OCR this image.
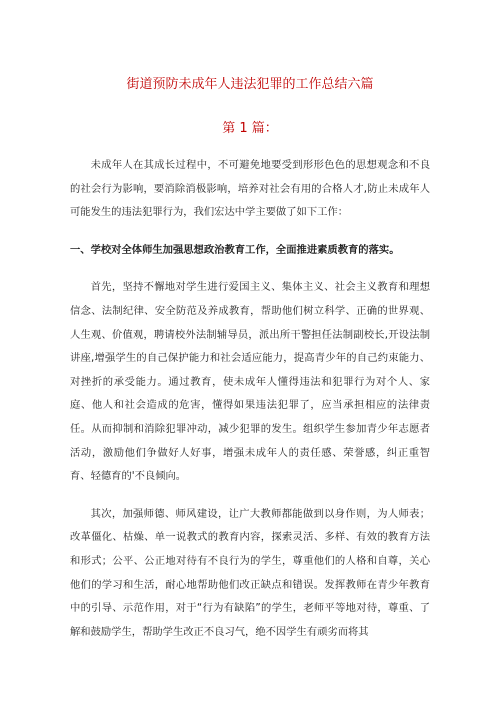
街道预防未成年人违法犯罪的工作总结六篇
第 1 篇：

未成年人在其成长过程中，不可避免地要受到形形色色的思想观念和不良的社会行为影响，要消除消极影响，培养对社会有用的合格人才,防止未成年人可能发生的违法犯罪行为，我们宏达中学主要做了如下工作：

一、学校对全体师生加强思想政治教育工作，全面推进素质教育的落实。

首先，坚持不懈地对学生进行爱国主义、集体主义、社会主义教育和理想信念、法制纪律、安全防范及养成教育，帮助他们树立科学、正确的世界观、人生观、价值观，聘请校外法制辅导员，派出所干警担任法制副校长,开设法制讲座,增强学生的自己保护能力和社会适应能力，提高青少年的自己约束能力、对挫折的承受能力。通过教育，使未成年人懂得违法和犯罪行为对个人、家庭、他人和社会造成的危害，懂得如果违法犯罪了，应当承担相应的法律责任。从而抑制和消除犯罪冲动，减少犯罪的发生。组织学生参加青少年志愿者活动，激励他们争做好人好事，增强未成年人的责任感、荣誉感，纠正重智育、轻德育的'不良倾向。

其次，加强师德、师风建设，让广大教师都能做到以身作则，为人师表；改革僵化、枯燥、单一说教式的教育内容，探索灵活、多样、有效的教育方法和形式；公平、公正地对待有不良行为的学生，尊重他们的人格和自尊，关心他们的学习和生活，耐心地帮助他们改正缺点和错误。发挥教师在青少年教育中的引导、示范作用，对于“行为有缺陷”的学生，老师平等地对待，尊重、了解和鼓励学生，帮助学生改正不良习气，绝不因学生有顽劣而将其
